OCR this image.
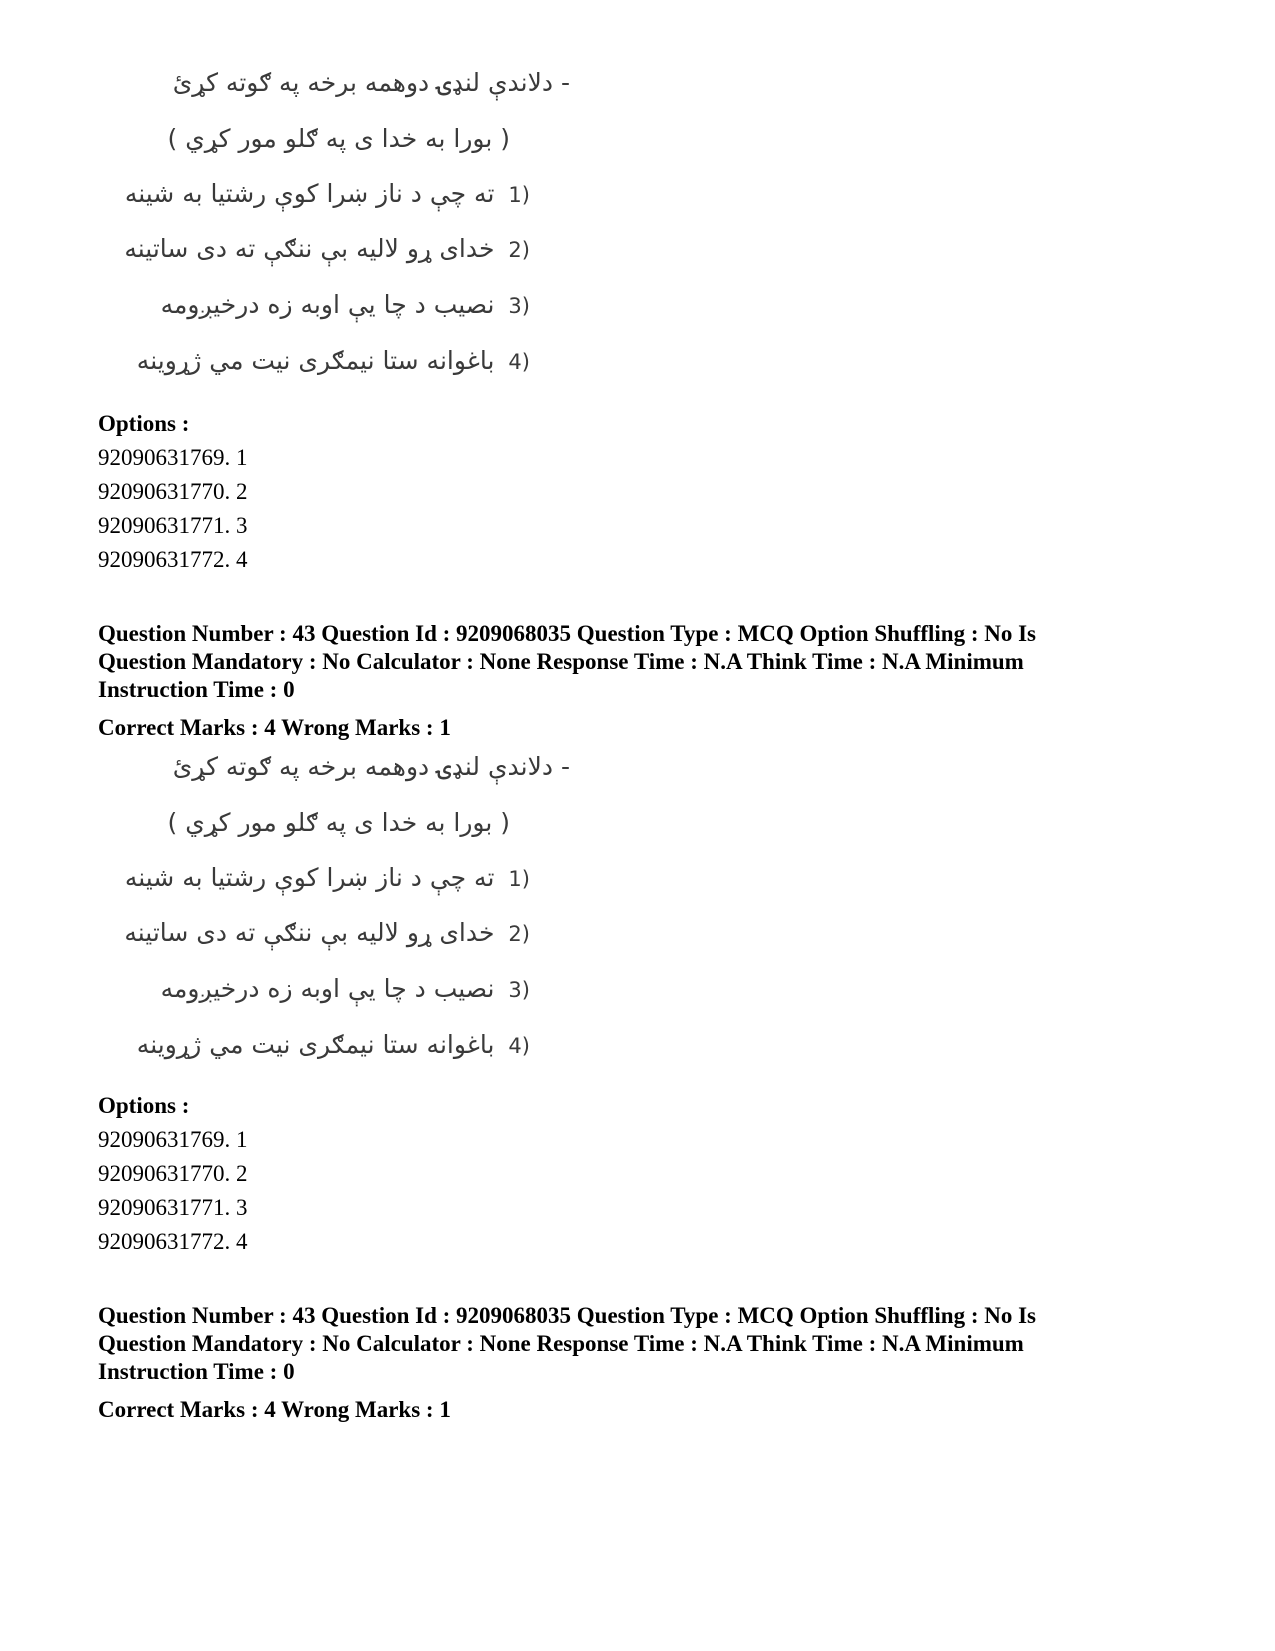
- دلاندې لنډۍ دوهمه برخه په ګوته کړئ
( بورا به خدا ی په ګلو مور کړي )
(1ته چې د ناز ښرا کوې رشتیا به شینه
(2خدای ړو لالیه بې ننګې ته دی ساتینه
(3نصیب د چا يې اوبه زه درخیږومه
(4باغوانه ستا نیمګری نیت مي ژړوینه
Options :
92090631769. 1
92090631770. 2
92090631771. 3
92090631772. 4
Question Number : 43 Question Id : 9209068035 Question Type : MCQ Option Shuffling : No Is
Question Mandatory : No Calculator : None Response Time : N.A Think Time : N.A Minimum
Instruction Time : 0
Correct Marks : 4 Wrong Marks : 1
- دلاندې لنډۍ دوهمه برخه په ګوته کړئ
( بورا به خدا ی په ګلو مور کړي )
(1ته چې د ناز ښرا کوې رشتیا به شینه
(2خدای ړو لالیه بې ننګې ته دی ساتینه
(3نصیب د چا يې اوبه زه درخیږومه
(4باغوانه ستا نیمګری نیت مي ژړوینه
Options :
92090631769. 1
92090631770. 2
92090631771. 3
92090631772. 4
Question Number : 43 Question Id : 9209068035 Question Type : MCQ Option Shuffling : No Is
Question Mandatory : No Calculator : None Response Time : N.A Think Time : N.A Minimum
Instruction Time : 0
Correct Marks : 4 Wrong Marks : 1
